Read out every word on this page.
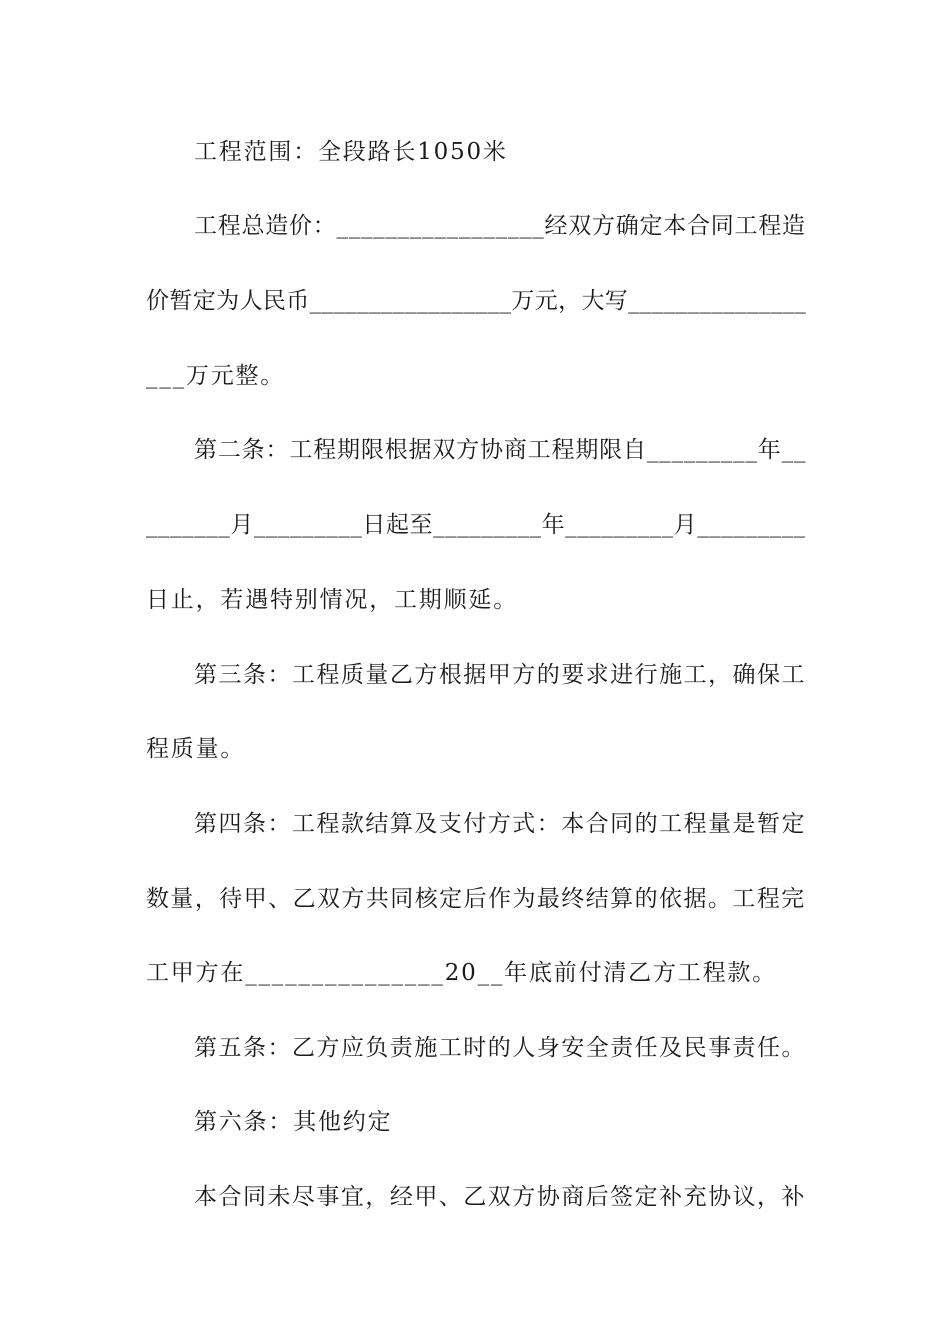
工程范围：全段路长1050米
工程总造价：_________________经双方确定本合同工程造
价暂定为人民币_________________万元，大写_______________
___万元整。
第二条：工程期限根据双方协商工程期限自_________年__
_______月_________日起至_________年_________月_________
日止，若遇特别情况，工期顺延。
第三条：工程质量乙方根据甲方的要求进行施工，确保工
程质量。
第四条：工程款结算及支付方式：本合同的工程量是暂定
数量，待甲、乙双方共同核定后作为最终结算的依据。工程完
工甲方在_______________20__年底前付清乙方工程款。
第五条：乙方应负责施工时的人身安全责任及民事责任。
第六条：其他约定
本合同未尽事宜，经甲、乙双方协商后签定补充协议，补
